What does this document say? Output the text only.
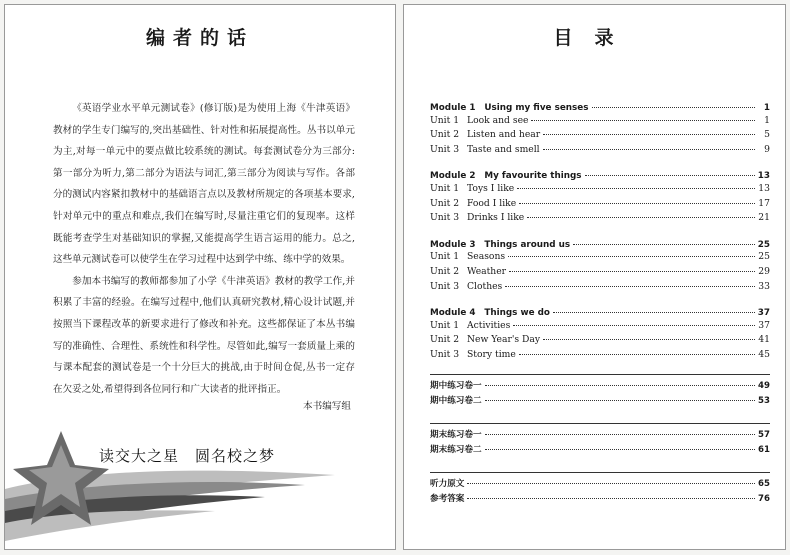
编者的话

《英语学业水平单元测试卷》(修订版)是为使用上海《牛津英语》教材的学生专门编写的,突出基础性、针对性和拓展提高性。丛书以单元为主,对每一单元中的要点做比较系统的测试。每套测试卷分为三部分:第一部分为听力,第二部分为语法与词汇,第三部分为阅读与写作。各部分的测试内容紧扣教材中的基础语言点以及教材所规定的各项基本要求,针对单元中的重点和难点,我们在编写时,尽量注重它们的复现率。这样既能考查学生对基础知识的掌握,又能提高学生语言运用的能力。总之,这些单元测试卷可以使学生在学习过程中达到学中练、练中学的效果。

参加本书编写的教师都参加了小学《牛津英语》教材的教学工作,并积累了丰富的经验。在编写过程中,他们认真研究教材,精心设计试题,并按照当下课程改革的新要求进行了修改和补充。这些都保证了本丛书编写的准确性、合理性、系统性和科学性。尽管如此,编写一套质量上乘的与课本配套的测试卷是一个十分巨大的挑战,由于时间仓促,丛书一定存在欠妥之处,希望得到各位同行和广大读者的批评指正。

本书编写组
读交大之星　圆名校之梦
目录
Module 1　Using my five senses	1
Unit 1 Look and see	1
Unit 2 Listen and hear	5
Unit 3 Taste and smell	9
Module 2　My favourite things	13
Unit 1 Toys I like	13
Unit 2 Food I like	17
Unit 3 Drinks I like	21
Module 3　Things around us	25
Unit 1 Seasons	25
Unit 2 Weather	29
Unit 3 Clothes	33
Module 4　Things we do	37
Unit 1 Activities	37
Unit 2 New Year's Day	41
Unit 3 Story time	45
期中练习卷一	49
期中练习卷二	53
期末练习卷一	57
期末练习卷二	61
听力原文	65
参考答案	76
